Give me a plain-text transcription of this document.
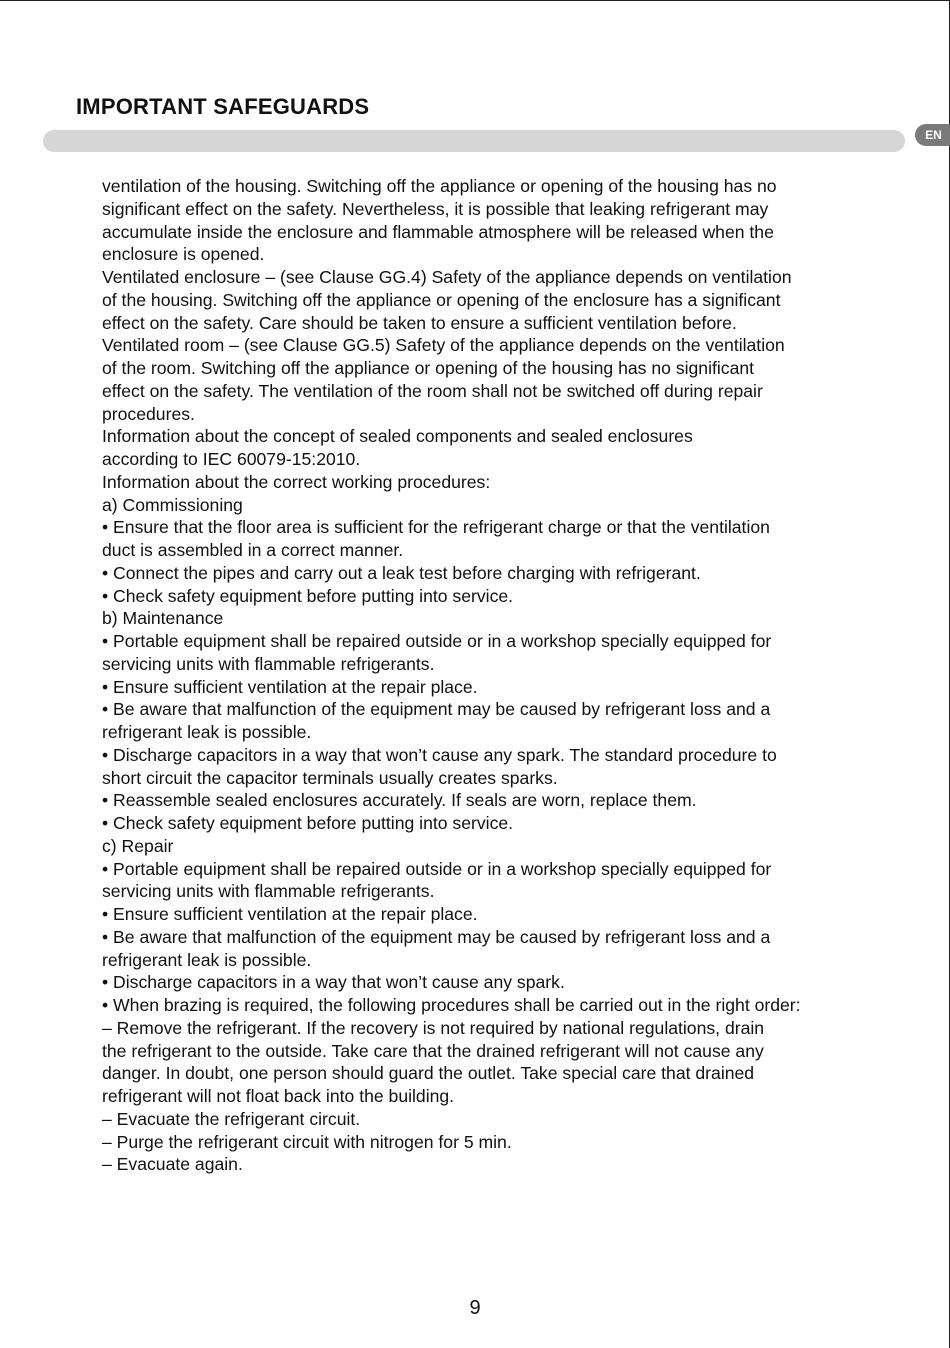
IMPORTANT SAFEGUARDS
EN
ventilation of the housing. Switching off the appliance or opening of the housing has no
significant effect on the safety. Nevertheless, it is possible that leaking refrigerant may
accumulate inside the enclosure and flammable atmosphere will be released when the
enclosure is opened.
Ventilated enclosure – (see Clause GG.4) Safety of the appliance depends on ventilation
of the housing. Switching off the appliance or opening of the enclosure has a significant
effect on the safety. Care should be taken to ensure a sufficient ventilation before.
Ventilated room – (see Clause GG.5) Safety of the appliance depends on the ventilation
of the room. Switching off the appliance or opening of the housing has no significant
effect on the safety. The ventilation of the room shall not be switched off during repair
procedures.
Information about the concept of sealed components and sealed enclosures
according to IEC 60079-15:2010.
Information about the correct working procedures:
a) Commissioning
• Ensure that the floor area is sufficient for the refrigerant charge or that the ventilation
duct is assembled in a correct manner.
• Connect the pipes and carry out a leak test before charging with refrigerant.
• Check safety equipment before putting into service.
b) Maintenance
• Portable equipment shall be repaired outside or in a workshop specially equipped for
servicing units with flammable refrigerants.
• Ensure sufficient ventilation at the repair place.
• Be aware that malfunction of the equipment may be caused by refrigerant loss and a
refrigerant leak is possible.
• Discharge capacitors in a way that won’t cause any spark. The standard procedure to
short circuit the capacitor terminals usually creates sparks.
• Reassemble sealed enclosures accurately. If seals are worn, replace them.
• Check safety equipment before putting into service.
c) Repair
• Portable equipment shall be repaired outside or in a workshop specially equipped for
servicing units with flammable refrigerants.
• Ensure sufficient ventilation at the repair place.
• Be aware that malfunction of the equipment may be caused by refrigerant loss and a
refrigerant leak is possible.
• Discharge capacitors in a way that won’t cause any spark.
• When brazing is required, the following procedures shall be carried out in the right order:
– Remove the refrigerant. If the recovery is not required by national regulations, drain
the refrigerant to the outside. Take care that the drained refrigerant will not cause any
danger. In doubt, one person should guard the outlet. Take special care that drained
refrigerant will not float back into the building.
– Evacuate the refrigerant circuit.
– Purge the refrigerant circuit with nitrogen for 5 min.
– Evacuate again.
9
